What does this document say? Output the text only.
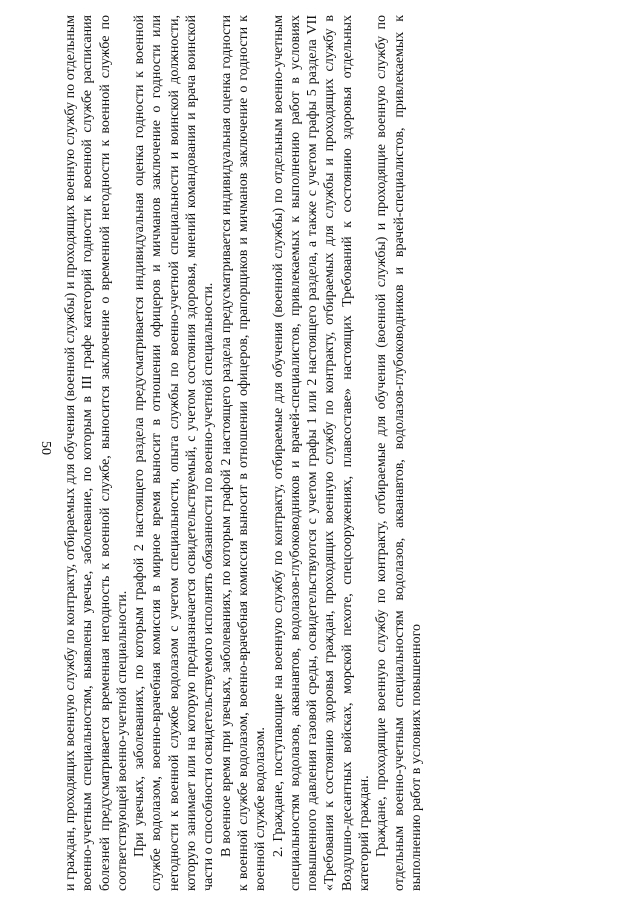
50 и граждан, проходящих военную службу по контракту, отбираемых для обучения (военной службы) и проходящих военную службу по отдельным военно-учетным специальностям, выявлены увечье, заболевание, по которым в III графе категорий годности к военной службе расписания болезней предусматривается временная негодность к военной службе, выносится заключение о временной негодности к военной службе по соответствующей военно-учетной специальности. При увечьях, заболеваниях, по которым графой 2 настоящего раздела предусматривается индивидуальная оценка годности к военной службе водолазом, военно-врачебная комиссия в мирное время выносит в отношении офицеров и мичманов заключение о годности или негодности к военной службе водолазом с учетом специальности, опыта службы по военно-учетной специальности и воинской должности, которую занимает или на которую предназначается освидетельствуемый, с учетом состояния здоровья, мнений командования и врача воинской части о способности освидетельствуемого исполнять обязанности по военно-учетной специальности. В военное время при увечьях, заболеваниях, по которым графой 2 настоящего раздела предусматривается индивидуальная оценка годности к военной службе водолазом, военно-врачебная комиссия выносит в отношении офицеров, прапорщиков и мичманов заключение о годности к военной службе водолазом. 2. Граждане, поступающие на военную службу по контракту, отбираемые для обучения (военной службы) по отдельным военно-учетным специальностям водолазов, акванавтов, водолазов-глубоководников и врачей-специалистов, привлекаемых к выполнению работ в условиях повышенного давления газовой среды, освидетельствуются с учетом графы 1 или 2 настоящего раздела, а также с учетом графы 5 раздела VII «Требования к состоянию здоровья граждан, проходящих военную службу по контракту, отбираемых для службы и проходящих службу в Воздушно-десантных войсках, морской пехоте, спецсооружениях, плавсоставе» настоящих Требований к состоянию здоровья отдельных категорий граждан. Граждане, проходящие военную службу по контракту, отбираемые для обучения (военной службы) и проходящие военную службу по отдельным военно-учетным специальностям водолазов, акванавтов, водолазов-глубоководников и врачей-специалистов, привлекаемых к выполнению работ в условиях повышенного
